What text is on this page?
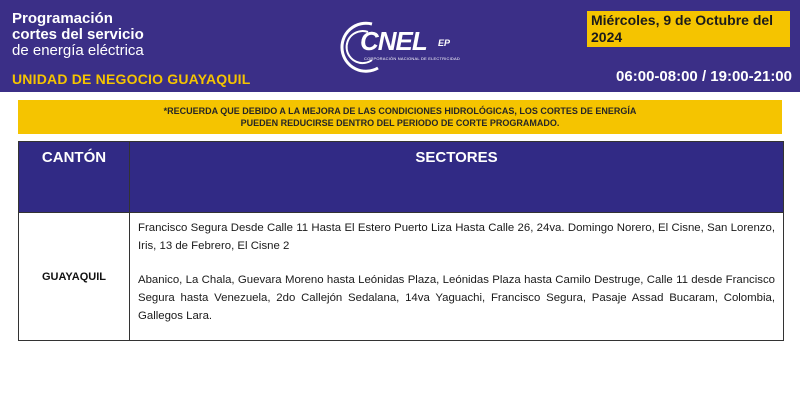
Programación
cortes del servicio
de energía eléctrica
UNIDAD DE NEGOCIO GUAYAQUIL
CNEL EP
CORPORACIÓN NACIONAL DE ELECTRICIDAD
Miércoles, 9 de Octubre del 2024
06:00-08:00 / 19:00-21:00
*RECUERDA QUE DEBIDO A LA MEJORA DE LAS CONDICIONES HIDROLÓGICAS, LOS CORTES DE ENERGÍA
PUEDEN REDUCIRSE DENTRO DEL PERIODO DE CORTE PROGRAMADO.
CANTÓN	SECTORES
GUAYAQUIL

Francisco Segura Desde Calle 11 Hasta El Estero Puerto Liza Hasta Calle 26, 24va. Domingo Norero, El Cisne, San Lorenzo, Iris, 13 de Febrero, El Cisne 2

Abanico, La Chala, Guevara Moreno hasta Leónidas Plaza, Leónidas Plaza hasta Camilo Destruge, Calle 11 desde Francisco Segura hasta Venezuela, 2do Callejón Sedalana, 14va Yaguachi, Francisco Segura, Pasaje Assad Bucaram, Colombia, Gallegos Lara.
